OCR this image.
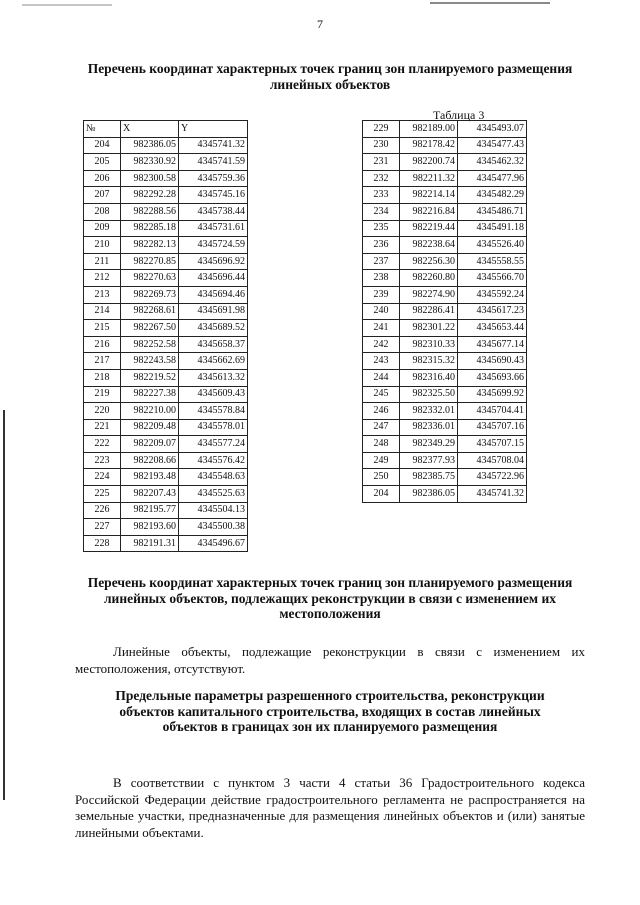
7
Перечень координат характерных точек границ зон планируемого размещения линейных объектов
Таблица 3
№	X	Y
204	982386.05	4345741.32
205	982330.92	4345741.59
206	982300.58	4345759.36
207	982292.28	4345745.16
208	982288.56	4345738.44
209	982285.18	4345731.61
210	982282.13	4345724.59
211	982270.85	4345696.92
212	982270.63	4345696.44
213	982269.73	4345694.46
214	982268.61	4345691.98
215	982267.50	4345689.52
216	982252.58	4345658.37
217	982243.58	4345662.69
218	982219.52	4345613.32
219	982227.38	4345609.43
220	982210.00	4345578.84
221	982209.48	4345578.01
222	982209.07	4345577.24
223	982208.66	4345576.42
224	982193.48	4345548.63
225	982207.43	4345525.63
226	982195.77	4345504.13
227	982193.60	4345500.38
228	982191.31	4345496.67
229	982189.00	4345493.07
230	982178.42	4345477.43
231	982200.74	4345462.32
232	982211.32	4345477.96
233	982214.14	4345482.29
234	982216.84	4345486.71
235	982219.44	4345491.18
236	982238.64	4345526.40
237	982256.30	4345558.55
238	982260.80	4345566.70
239	982274.90	4345592.24
240	982286.41	4345617.23
241	982301.22	4345653.44
242	982310.33	4345677.14
243	982315.32	4345690.43
244	982316.40	4345693.66
245	982325.50	4345699.92
246	982332.01	4345704.41
247	982336.01	4345707.16
248	982349.29	4345707.15
249	982377.93	4345708.04
250	982385.75	4345722.96
204	982386.05	4345741.32
Перечень координат характерных точек границ зон планируемого размещения линейных объектов, подлежащих реконструкции в связи с изменением их местоположения
Линейные объекты, подлежащие реконструкции в связи с изменением их местоположения, отсутствуют.
Предельные параметры разрешенного строительства, реконструкции объектов капитального строительства, входящих в состав линейных объектов в границах зон их планируемого размещения
В соответствии с пунктом 3 части 4 статьи 36 Градостроительного кодекса Российской Федерации действие градостроительного регламента не распространяется на земельные участки, предназначенные для размещения линейных объектов и (или) занятые линейными объектами.
